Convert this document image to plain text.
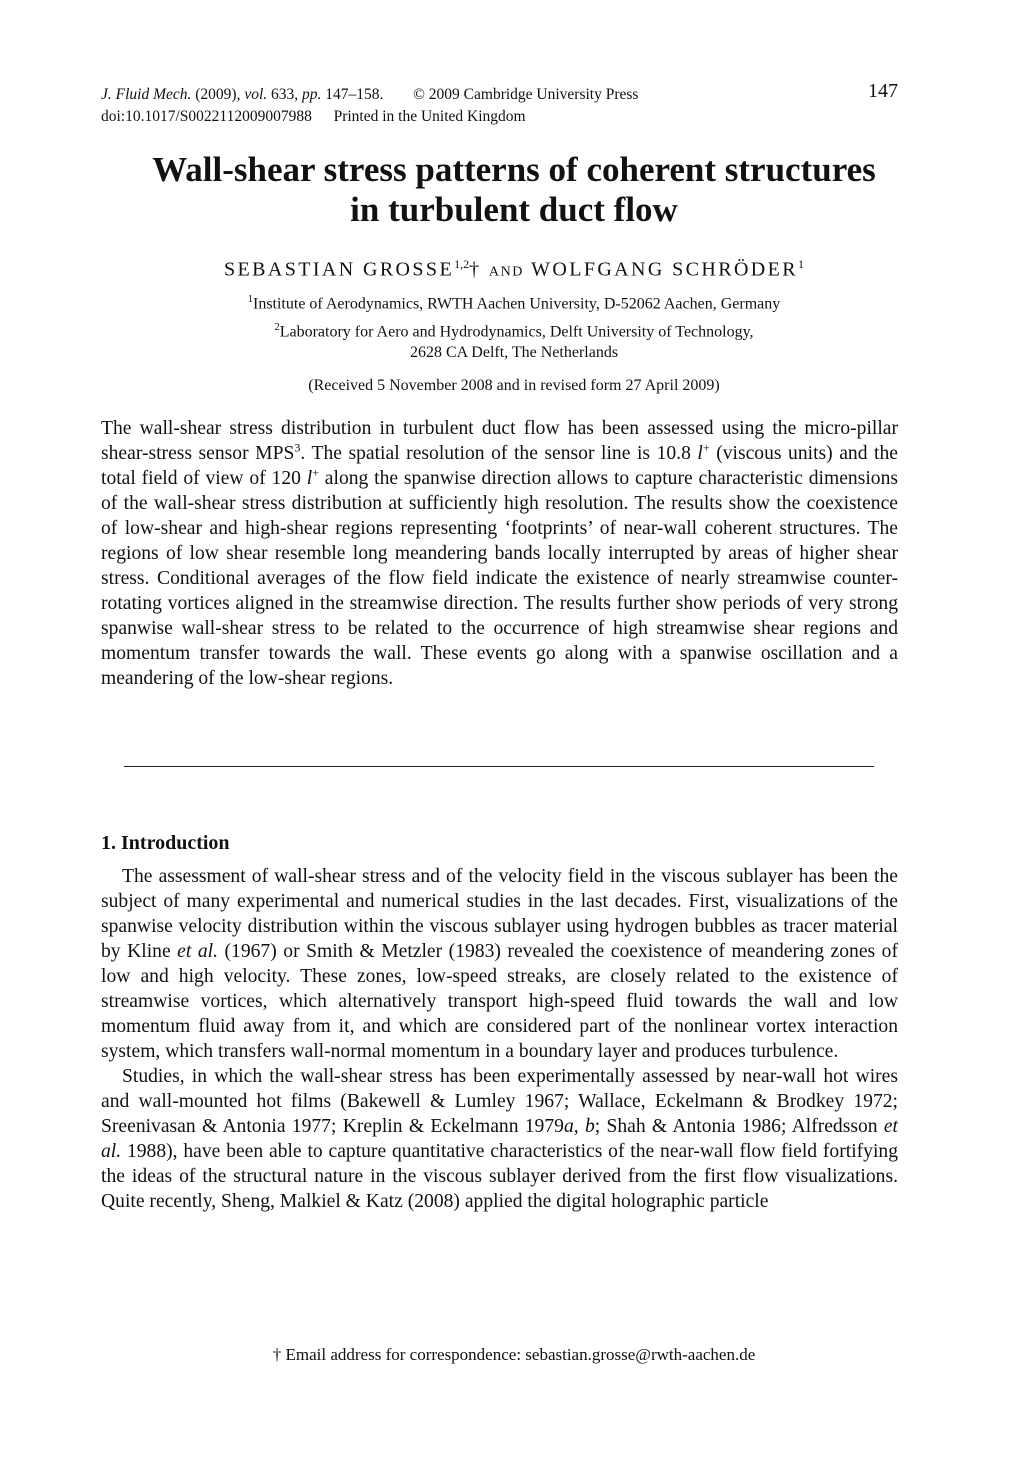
J. Fluid Mech. (2009), vol. 633, pp. 147–158. © 2009 Cambridge University Press
doi:10.1017/S0022112009007988 Printed in the United Kingdom
147
Wall-shear stress patterns of coherent structures
in turbulent duct flow
SEBASTIAN GROSSE$^{1,2}$† AND WOLFGANG SCHRÖDER$^1$
$^1$Institute of Aerodynamics, RWTH Aachen University, D-52062 Aachen, Germany
$^2$Laboratory for Aero and Hydrodynamics, Delft University of Technology,
2628 CA Delft, The Netherlands
(Received 5 November 2008 and in revised form 27 April 2009)

The wall-shear stress distribution in turbulent duct flow has been assessed using the micro-pillar shear-stress sensor MPS$^3$. The spatial resolution of the sensor line is 10.8 l+ (viscous units) and the total field of view of 120 l+ along the spanwise direction allows to capture characteristic dimensions of the wall-shear stress distribution at sufficiently high resolution. The results show the coexistence of low-shear and high-shear regions representing ‘footprints’ of near-wall coherent structures. The regions of low shear resemble long meandering bands locally interrupted by areas of higher shear stress. Conditional averages of the flow field indicate the existence of nearly streamwise counter-rotating vortices aligned in the streamwise direction. The results further show periods of very strong spanwise wall-shear stress to be related to the occurrence of high streamwise shear regions and momentum transfer towards the wall. These events go along with a spanwise oscillation and a meandering of the low-shear regions.

1. Introduction

The assessment of wall-shear stress and of the velocity field in the viscous sublayer has been the subject of many experimental and numerical studies in the last decades. First, visualizations of the spanwise velocity distribution within the viscous sublayer using hydrogen bubbles as tracer material by Kline et al. (1967) or Smith & Metzler (1983) revealed the coexistence of meandering zones of low and high velocity. These zones, low-speed streaks, are closely related to the existence of streamwise vortices, which alternatively transport high-speed fluid towards the wall and low momentum fluid away from it, and which are considered part of the nonlinear vortex interaction system, which transfers wall-normal momentum in a boundary layer and produces turbulence.

Studies, in which the wall-shear stress has been experimentally assessed by near-wall hot wires and wall-mounted hot films (Bakewell & Lumley 1967; Wallace, Eckelmann & Brodkey 1972; Sreenivasan & Antonia 1977; Kreplin & Eckelmann 1979a, b; Shah & Antonia 1986; Alfredsson et al. 1988), have been able to capture quantitative characteristics of the near-wall flow field fortifying the ideas of the structural nature in the viscous sublayer derived from the first flow visualizations. Quite recently, Sheng, Malkiel & Katz (2008) applied the digital holographic particle

† Email address for correspondence: sebastian.grosse@rwth-aachen.de
